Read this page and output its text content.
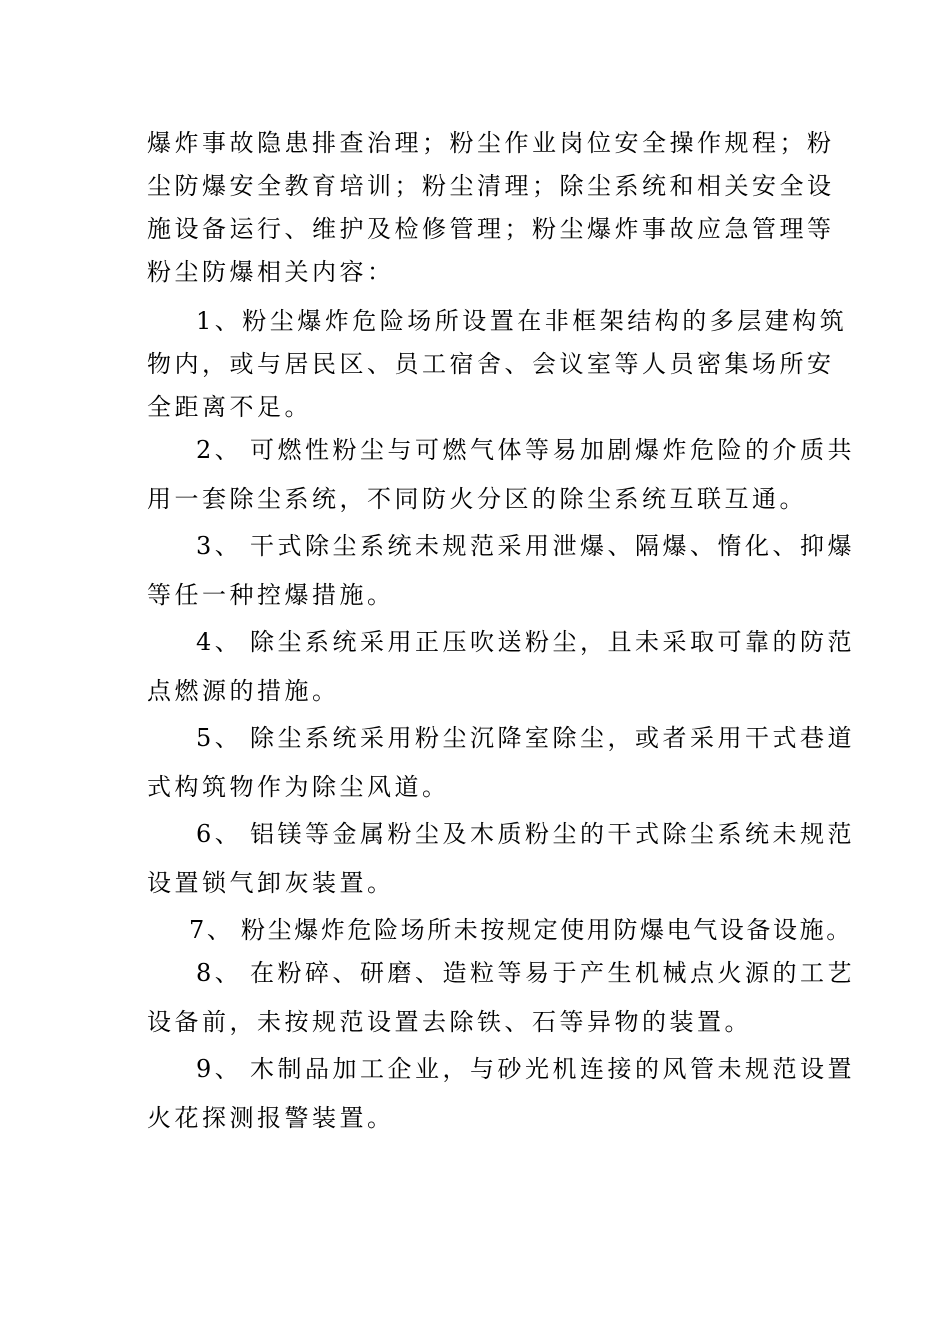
爆炸事故隐患排查治理；粉尘作业岗位安全操作规程；粉
尘防爆安全教育培训；粉尘清理；除尘系统和相关安全设
施设备运行、维护及检修管理；粉尘爆炸事故应急管理等
粉尘防爆相关内容：
1、粉尘爆炸危险场所设置在非框架结构的多层建构筑
物内，或与居民区、员工宿舍、会议室等人员密集场所安
全距离不足。
2、 可燃性粉尘与可燃气体等易加剧爆炸危险的介质共
用一套除尘系统，不同防火分区的除尘系统互联互通。
3、 干式除尘系统未规范采用泄爆、隔爆、惰化、抑爆
等任一种控爆措施。
4、 除尘系统采用正压吹送粉尘，且未采取可靠的防范
点燃源的措施。
5、 除尘系统采用粉尘沉降室除尘，或者采用干式巷道
式构筑物作为除尘风道。
6、 铝镁等金属粉尘及木质粉尘的干式除尘系统未规范
设置锁气卸灰装置。
7、 粉尘爆炸危险场所未按规定使用防爆电气设备设施。
8、 在粉碎、研磨、造粒等易于产生机械点火源的工艺
设备前，未按规范设置去除铁、石等异物的装置。
9、 木制品加工企业，与砂光机连接的风管未规范设置
火花探测报警装置。
